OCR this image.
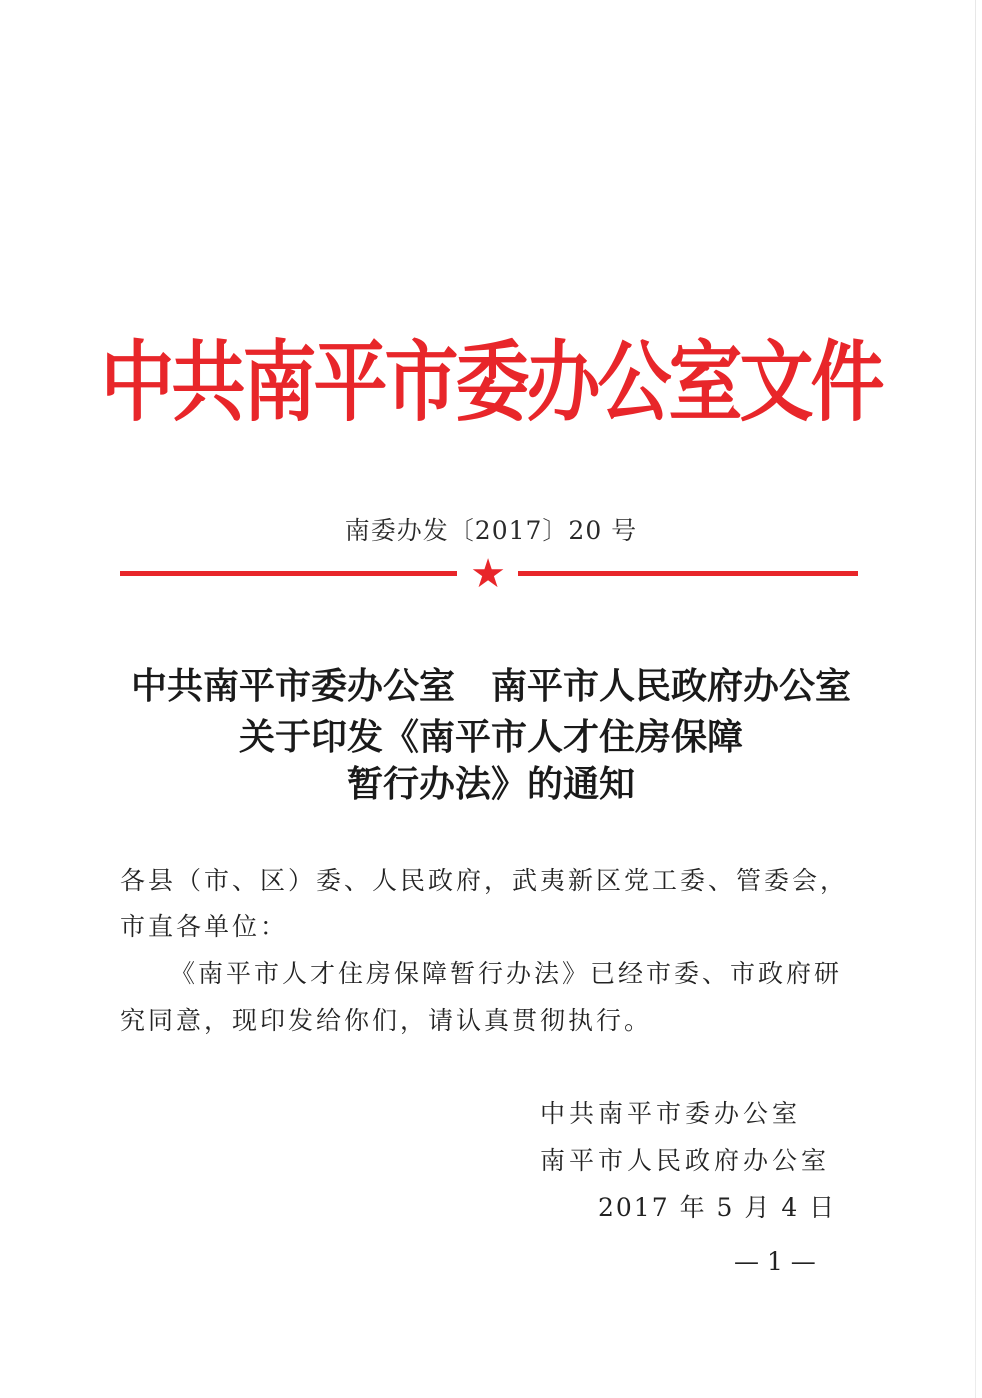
中共南平市委办公室文件
南委办发〔2017〕20 号
★
中共南平市委办公室 南平市人民政府办公室
关于印发《南平市人才住房保障
暂行办法》的通知
各县（市、区）委、人民政府，武夷新区党工委、管委会，
市直各单位：
《南平市人才住房保障暂行办法》已经市委、市政府研
究同意，现印发给你们，请认真贯彻执行。
中共南平市委办公室
南平市人民政府办公室
2017 年 5 月 4 日
— 1 —
